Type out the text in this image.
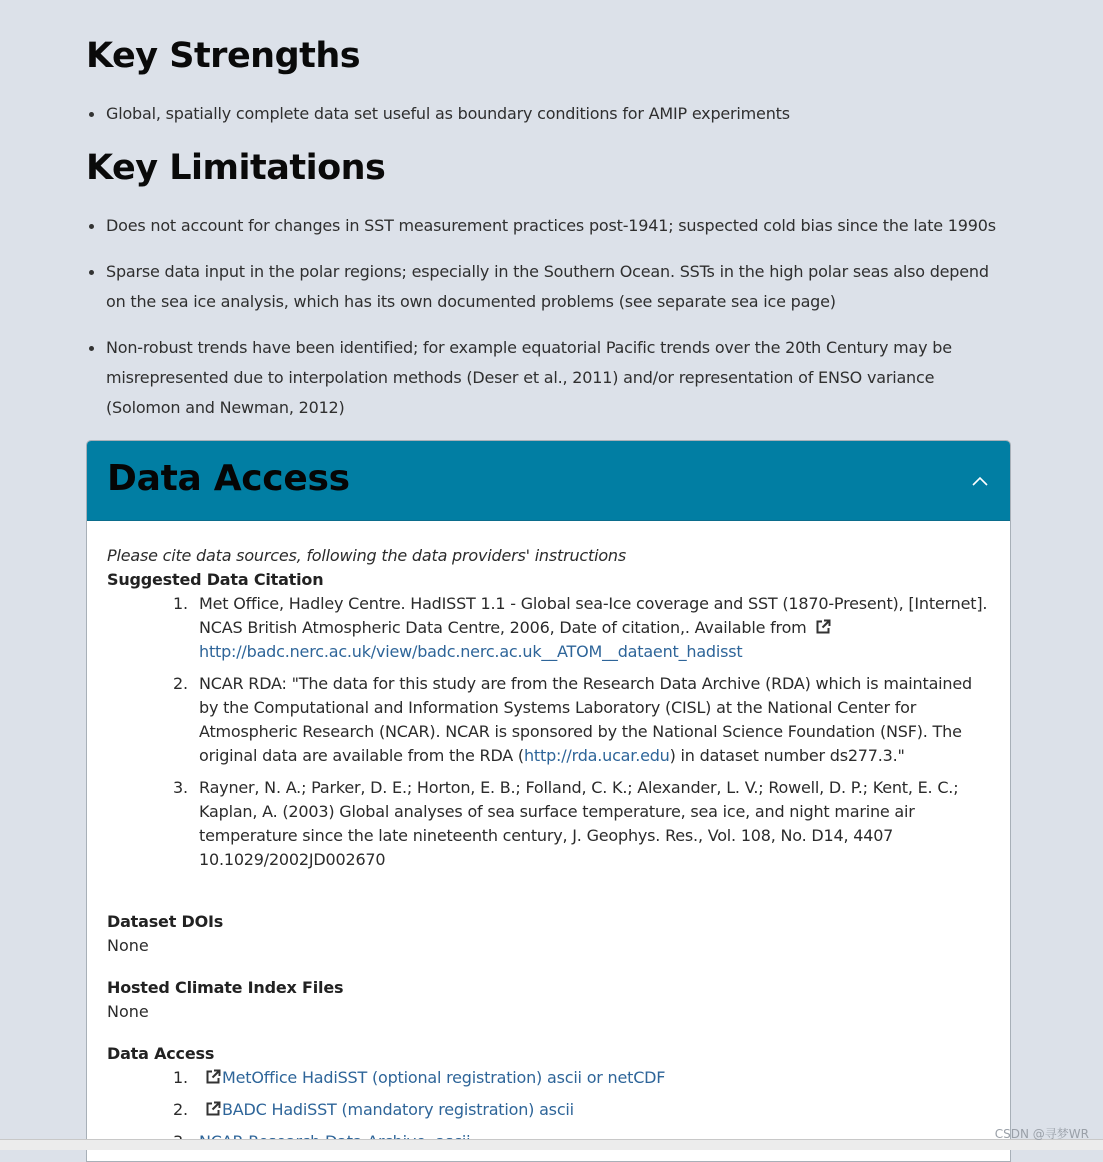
Key Strengths
Global, spatially complete data set useful as boundary conditions for AMIP experiments
Key Limitations
Does not account for changes in SST measurement practices post-1941; suspected cold bias since the late 1990s
Sparse data input in the polar regions; especially in the Southern Ocean. SSTs in the high polar seas also depend on the sea ice analysis, which has its own documented problems (see separate sea ice page)
Non-robust trends have been identified; for example equatorial Pacific trends over the 20th Century may be misrepresented due to interpolation methods (Deser et al., 2011) and/or representation of ENSO variance (Solomon and Newman, 2012)
Data Access
Please cite data sources, following the data providers' instructions
Suggested Data Citation
Met Office, Hadley Centre. HadISST 1.1 - Global sea-Ice coverage and SST (1870-Present), [Internet]. NCAS British Atmospheric Data Centre, 2006, Date of citation,. Available from
http://badc.nerc.ac.uk/view/badc.nerc.ac.uk__ATOM__dataent_hadisst
NCAR RDA: "The data for this study are from the Research Data Archive (RDA) which is maintained by the Computational and Information Systems Laboratory (CISL) at the National Center for Atmospheric Research (NCAR). NCAR is sponsored by the National Science Foundation (NSF). The original data are available from the RDA (http://rda.ucar.edu) in dataset number ds277.3."
Rayner, N. A.; Parker, D. E.; Horton, E. B.; Folland, C. K.; Alexander, L. V.; Rowell, D. P.; Kent, E. C.; Kaplan, A. (2003) Global analyses of sea surface temperature, sea ice, and night marine air temperature since the late nineteenth century, J. Geophys. Res., Vol. 108, No. D14, 4407 10.1029/2002JD002670
Dataset DOIs
None
Hosted Climate Index Files
None
Data Access
MetOffice HadiSST (optional registration) ascii or netCDF
BADC HadiSST (mandatory registration) ascii
CSDN @寻梦WR
